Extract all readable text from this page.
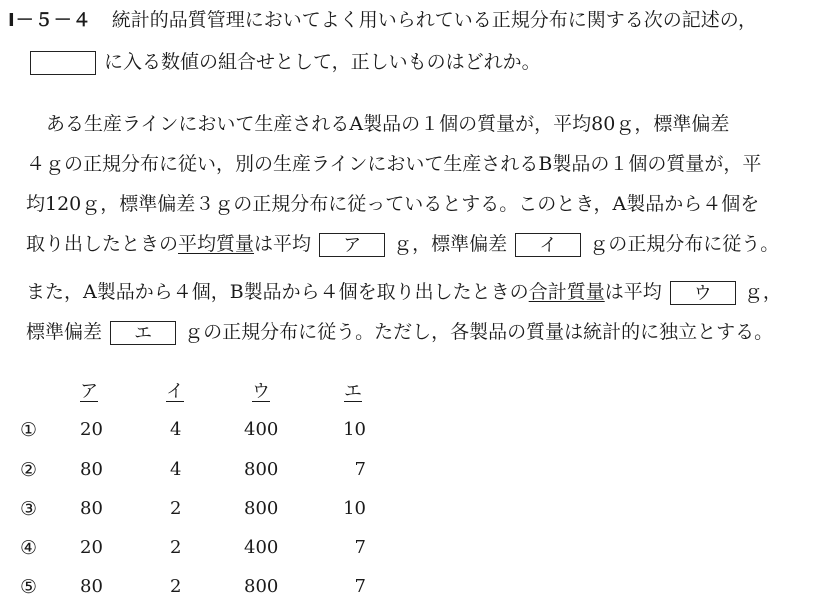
Ⅰ－５－４ 統計的品質管理においてよく用いられている正規分布に関する次の記述の，
に入る数値の組合せとして，正しいものはどれか。
ある生産ラインにおいて生産されるA製品の１個の質量が，平均80ｇ，標準偏差
４ｇの正規分布に従い，別の生産ラインにおいて生産されるB製品の１個の質量が，平
均120ｇ，標準偏差３ｇの正規分布に従っているとする。このとき，A製品から４個を
取り出したときの平均質量は平均 ア ｇ，標準偏差 イ ｇの正規分布に従う。
また，A製品から４個，B製品から４個を取り出したときの合計質量は平均 ウ ｇ，
標準偏差 エ ｇの正規分布に従う。ただし，各製品の質量は統計的に独立とする。
ア	イ	ウ	エ
① 20	4	400	10
② 80	4	800	7
③ 80	2	800	10
④ 20	2	400	7
⑤ 80	2	800	7
